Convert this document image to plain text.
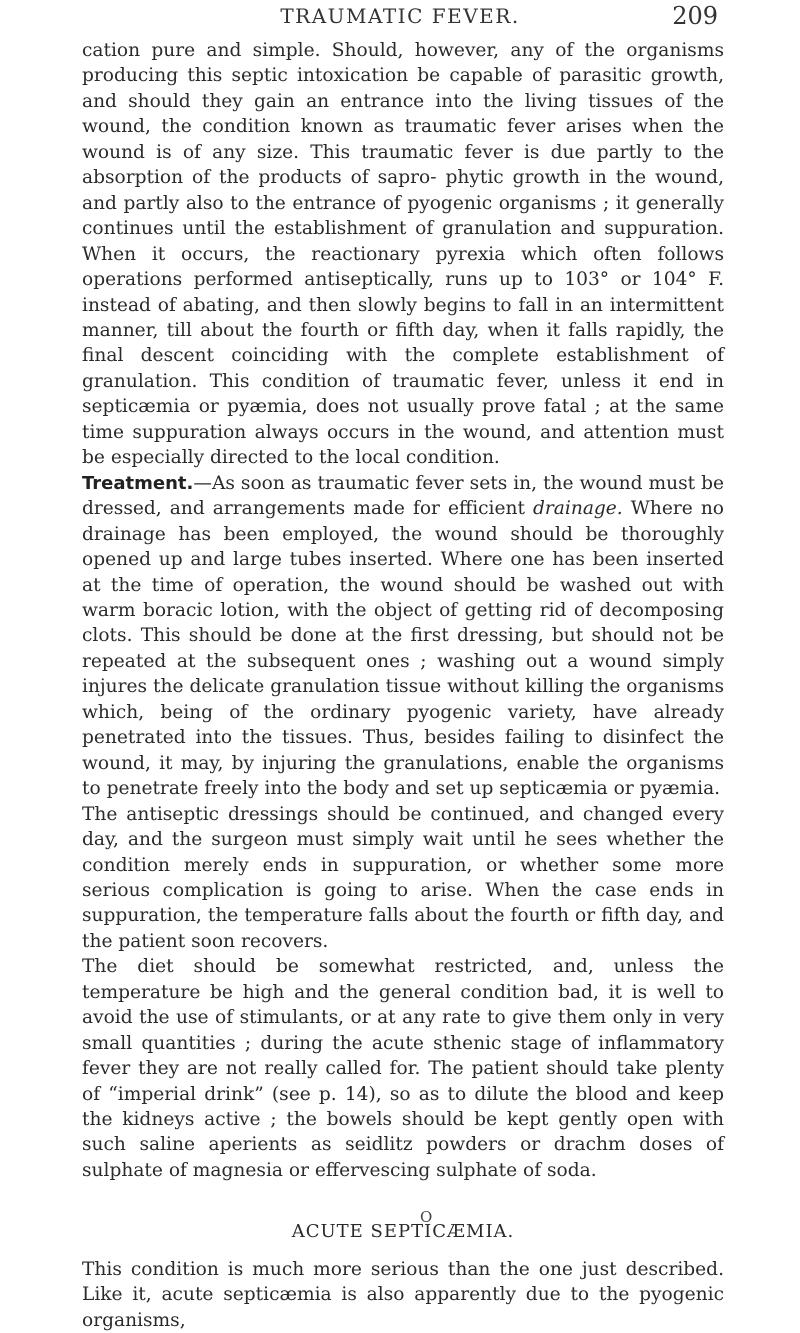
TRAUMATIC FEVER.	209

cation pure and simple. Should, however, any of the organisms producing this septic intoxication be capable of parasitic growth, and should they gain an entrance into the living tissues of the wound, the condition known as traumatic fever arises when the wound is of any size. This traumatic fever is due partly to the absorption of the products of sapro- phytic growth in the wound, and partly also to the entrance of pyogenic organisms ; it generally continues until the establishment of granulation and suppuration. When it occurs, the reactionary pyrexia which often follows operations performed antiseptically, runs up to 103° or 104° F. instead of abating, and then slowly begins to fall in an intermittent manner, till about the fourth or fifth day, when it falls rapidly, the final descent coinciding with the complete establishment of granulation. This condition of traumatic fever, unless it end in septicæmia or pyæmia, does not usually prove fatal ; at the same time suppuration always occurs in the wound, and attention must be especially directed to the local condition.

Treatment.—As soon as traumatic fever sets in, the wound must be dressed, and arrangements made for efficient drainage. Where no drainage has been employed, the wound should be thoroughly opened up and large tubes inserted. Where one has been inserted at the time of operation, the wound should be washed out with warm boracic lotion, with the object of getting rid of decomposing clots. This should be done at the first dressing, but should not be repeated at the subsequent ones ; washing out a wound simply injures the delicate granulation tissue without killing the organisms which, being of the ordinary pyogenic variety, have already penetrated into the tissues. Thus, besides failing to disinfect the wound, it may, by injuring the granulations, enable the organisms to penetrate freely into the body and set up septicæmia or pyæmia.

The antiseptic dressings should be continued, and changed every day, and the surgeon must simply wait until he sees whether the condition merely ends in suppuration, or whether some more serious complication is going to arise. When the case ends in suppuration, the temperature falls about the fourth or fifth day, and the patient soon recovers.

The diet should be somewhat restricted, and, unless the temperature be high and the general condition bad, it is well to avoid the use of stimulants, or at any rate to give them only in very small quantities ; during the acute sthenic stage of inflammatory fever they are not really called for. The patient should take plenty of “imperial drink” (see p. 14), so as to dilute the blood and keep the kidneys active ; the bowels should be kept gently open with such saline aperients as seidlitz powders or drachm doses of sulphate of magnesia or effervescing sulphate of soda.

ACUTE SEPTICÆMIA.

This condition is much more serious than the one just described. Like it, acute septicæmia is also apparently due to the pyogenic organisms,

O
